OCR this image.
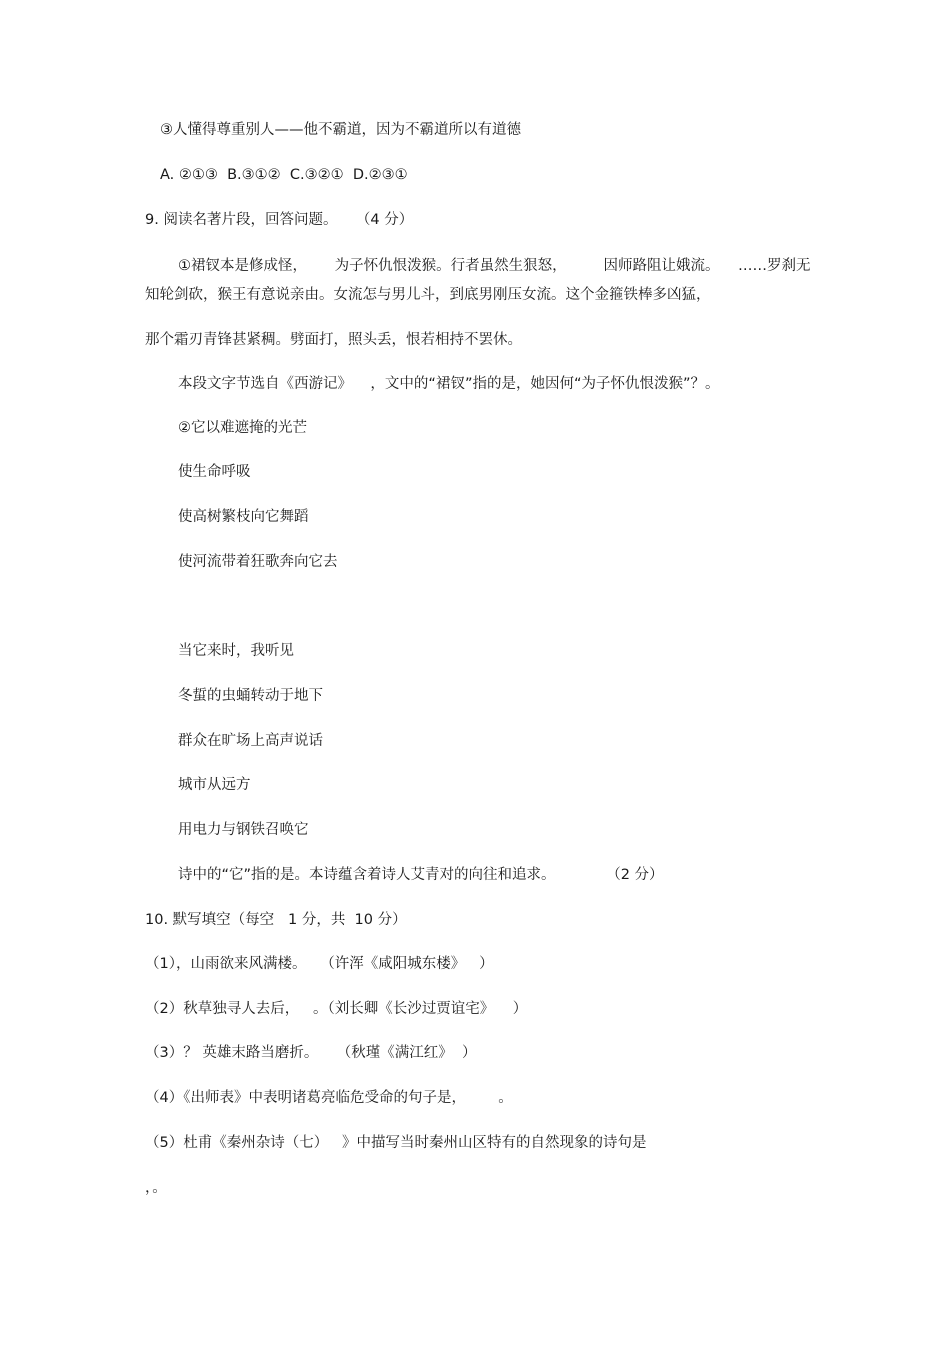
③人懂得尊重别人——他不霸道，因为不霸道所以有道德
A. ②①③  B.③①②  C.③②①  D.②③①
9. 阅读名著片段，回答问题。    （4 分）
①裙钗本是修成怪，      为子怀仇恨泼猴。行者虽然生狠怒，        因师路阻让娥流。    ……罗刹无
知轮剑砍，猴王有意说亲由。女流怎与男儿斗，到底男刚压女流。这个金箍铁棒多凶猛，
那个霜刃青锋甚紧稠。劈面打，照头丢，恨若相持不罢休。
本段文字节选自《西游记》    ，文中的“裙钗”指的是，她因何“为子怀仇恨泼猴”？。
②它以难遮掩的光芒
使生命呼吸
使高树繁枝向它舞蹈
使河流带着狂歌奔向它去
当它来时，我听见
冬蜇的虫蛹转动于地下
群众在旷场上高声说话
城市从远方
用电力与钢铁召唤它
诗中的“它”指的是。本诗蕴含着诗人艾青对的向往和追求。           （2 分）
10. 默写填空（每空   1 分，共  10 分）
（1），山雨欲来风满楼。   （许浑《咸阳城东楼》   ）
（2）秋草独寻人去后，   。（刘长卿《长沙过贾谊宅》    ）
（3）？ 英雄末路当磨折。    （秋瑾《满江红》  ）
（4）《出师表》中表明诸葛亮临危受命的句子是，       。
（5）杜甫《秦州杂诗（七）   》中描写当时秦州山区特有的自然现象的诗句是
，。
